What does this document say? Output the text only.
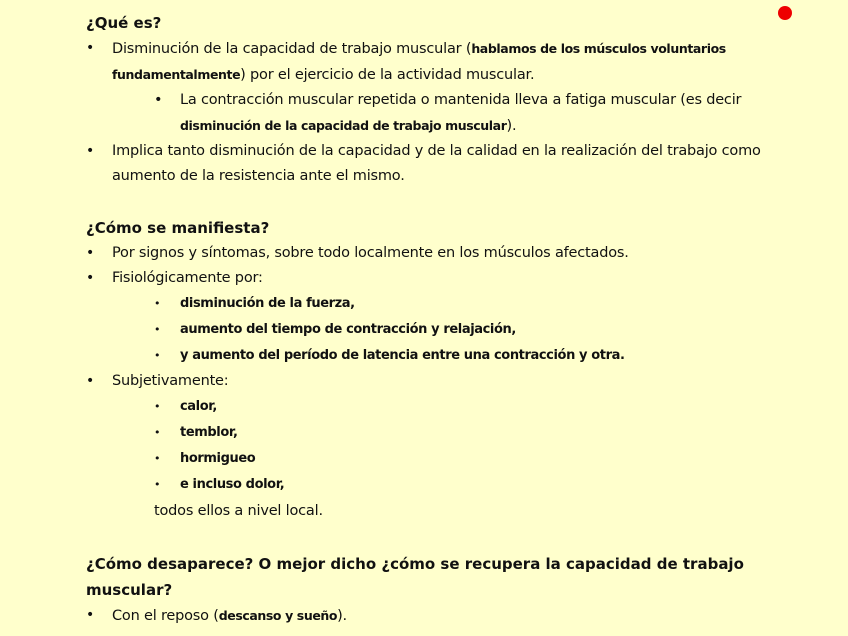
¿Qué es?

• Disminución de la capacidad de trabajo muscular (hablamos de los músculos voluntarios fundamentalmente) por el ejercicio de la actividad muscular.
• La contracción muscular repetida o mantenida lleva a fatiga muscular (es decir disminución de la capacidad de trabajo muscular).
• Implica tanto disminución de la capacidad y de la calidad en la realización del trabajo como aumento de la resistencia ante el mismo.

¿Cómo se manifiesta?

• Por signos y síntomas, sobre todo localmente en los músculos afectados.
• Fisiológicamente por:
• disminución de la fuerza,
• aumento del tiempo de contracción y relajación,
• y aumento del período de latencia entre una contracción y otra.
• Subjetivamente:
• calor,
• temblor,
• hormigueo
• e incluso dolor,
todos ellos a nivel local.

¿Cómo desaparece? O mejor dicho ¿cómo se recupera la capacidad de trabajo muscular?

• Con el reposo (descanso y sueño).
